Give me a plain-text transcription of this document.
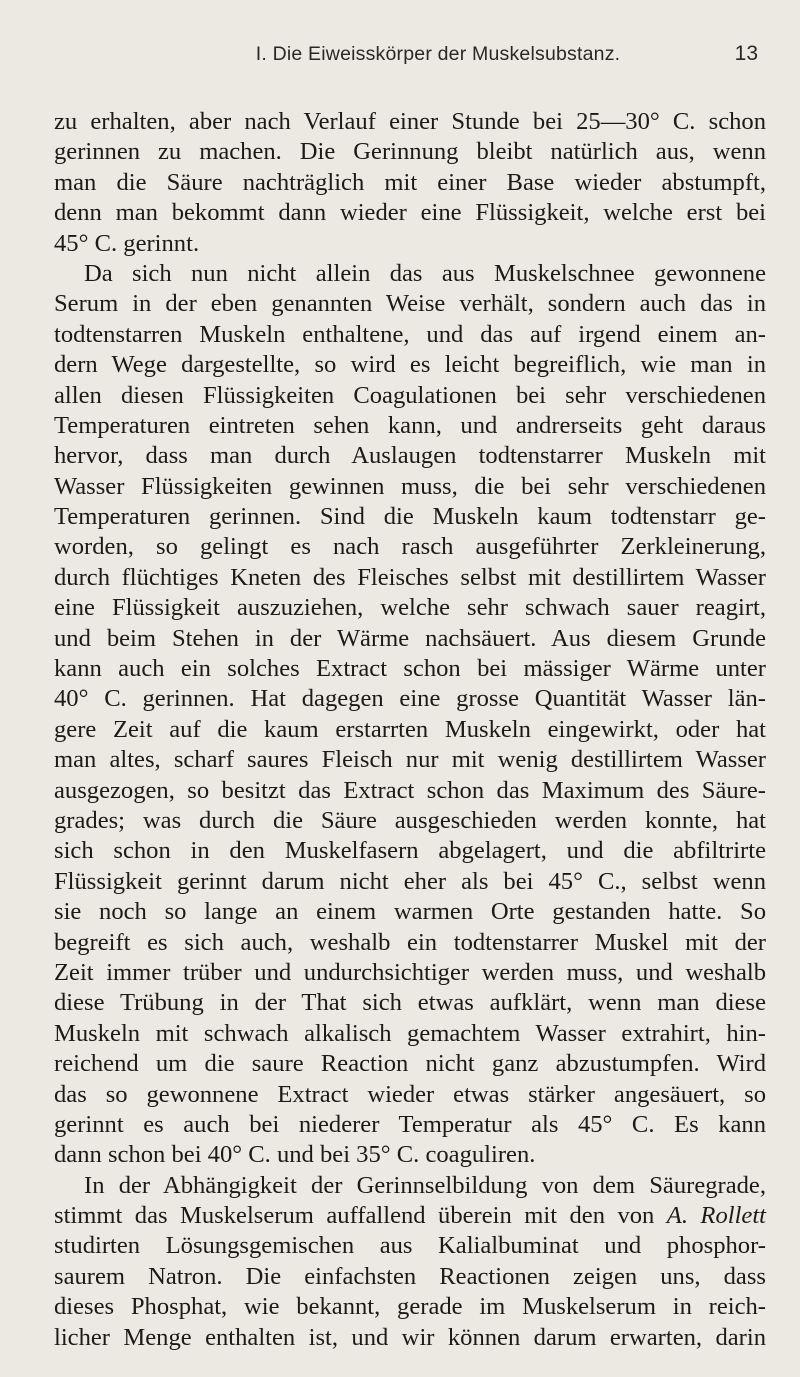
I. Die Eiweisskörper der Muskelsubstanz.	13
zu erhalten, aber nach Verlauf einer Stunde bei 25—30° C. schon
gerinnen zu machen. Die Gerinnung bleibt natürlich aus, wenn
man die Säure nachträglich mit einer Base wieder abstumpft,
denn man bekommt dann wieder eine Flüssigkeit, welche erst bei
45° C. gerinnt.
Da sich nun nicht allein das aus Muskelschnee gewonnene
Serum in der eben genannten Weise verhält, sondern auch das in
todtenstarren Muskeln enthaltene, und das auf irgend einem an-
dern Wege dargestellte, so wird es leicht begreiflich, wie man in
allen diesen Flüssigkeiten Coagulationen bei sehr verschiedenen
Temperaturen eintreten sehen kann, und andrerseits geht daraus
hervor, dass man durch Auslaugen todtenstarrer Muskeln mit
Wasser Flüssigkeiten gewinnen muss, die bei sehr verschiedenen
Temperaturen gerinnen. Sind die Muskeln kaum todtenstarr ge-
worden, so gelingt es nach rasch ausgeführter Zerkleinerung,
durch flüchtiges Kneten des Fleisches selbst mit destillirtem Wasser
eine Flüssigkeit auszuziehen, welche sehr schwach sauer reagirt,
und beim Stehen in der Wärme nachsäuert. Aus diesem Grunde
kann auch ein solches Extract schon bei mässiger Wärme unter
40° C. gerinnen. Hat dagegen eine grosse Quantität Wasser län-
gere Zeit auf die kaum erstarrten Muskeln eingewirkt, oder hat
man altes, scharf saures Fleisch nur mit wenig destillirtem Wasser
ausgezogen, so besitzt das Extract schon das Maximum des Säure-
grades; was durch die Säure ausgeschieden werden konnte, hat
sich schon in den Muskelfasern abgelagert, und die abfiltrirte
Flüssigkeit gerinnt darum nicht eher als bei 45° C., selbst wenn
sie noch so lange an einem warmen Orte gestanden hatte. So
begreift es sich auch, weshalb ein todtenstarrer Muskel mit der
Zeit immer trüber und undurchsichtiger werden muss, und weshalb
diese Trübung in der That sich etwas aufklärt, wenn man diese
Muskeln mit schwach alkalisch gemachtem Wasser extrahirt, hin-
reichend um die saure Reaction nicht ganz abzustumpfen. Wird
das so gewonnene Extract wieder etwas stärker angesäuert, so
gerinnt es auch bei niederer Temperatur als 45° C. Es kann
dann schon bei 40° C. und bei 35° C. coaguliren.
In der Abhängigkeit der Gerinnselbildung von dem Säuregrade,
stimmt das Muskelserum auffallend überein mit den von A. Rollett
studirten Lösungsgemischen aus Kalialbuminat und phosphor-
saurem Natron. Die einfachsten Reactionen zeigen uns, dass
dieses Phosphat, wie bekannt, gerade im Muskelserum in reich-
licher Menge enthalten ist, und wir können darum erwarten, darin
